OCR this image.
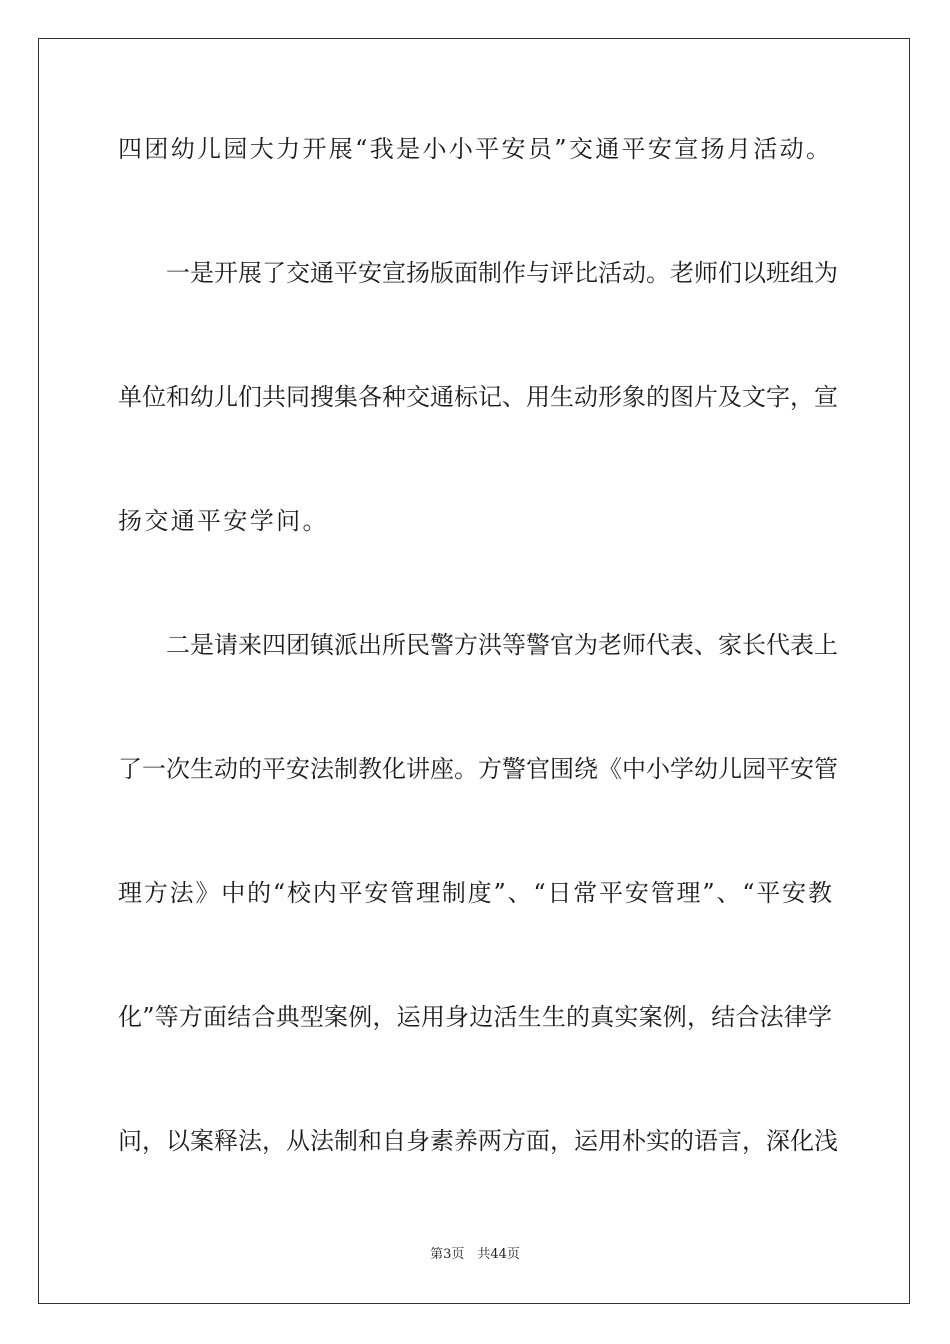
四团幼儿园大力开展“我是小小平安员”交通平安宣扬月活动。
一是开展了交通平安宣扬版面制作与评比活动。老师们以班组为
单位和幼儿们共同搜集各种交通标记、用生动形象的图片及文字，宣
扬交通平安学问。
二是请来四团镇派出所民警方洪等警官为老师代表、家长代表上
了一次生动的平安法制教化讲座。方警官围绕《中小学幼儿园平安管
理方法》中的“校内平安管理制度”、“日常平安管理”、“平安教
化”等方面结合典型案例，运用身边活生生的真实案例，结合法律学
问，以案释法，从法制和自身素养两方面，运用朴实的语言，深化浅
第3页　共44页
